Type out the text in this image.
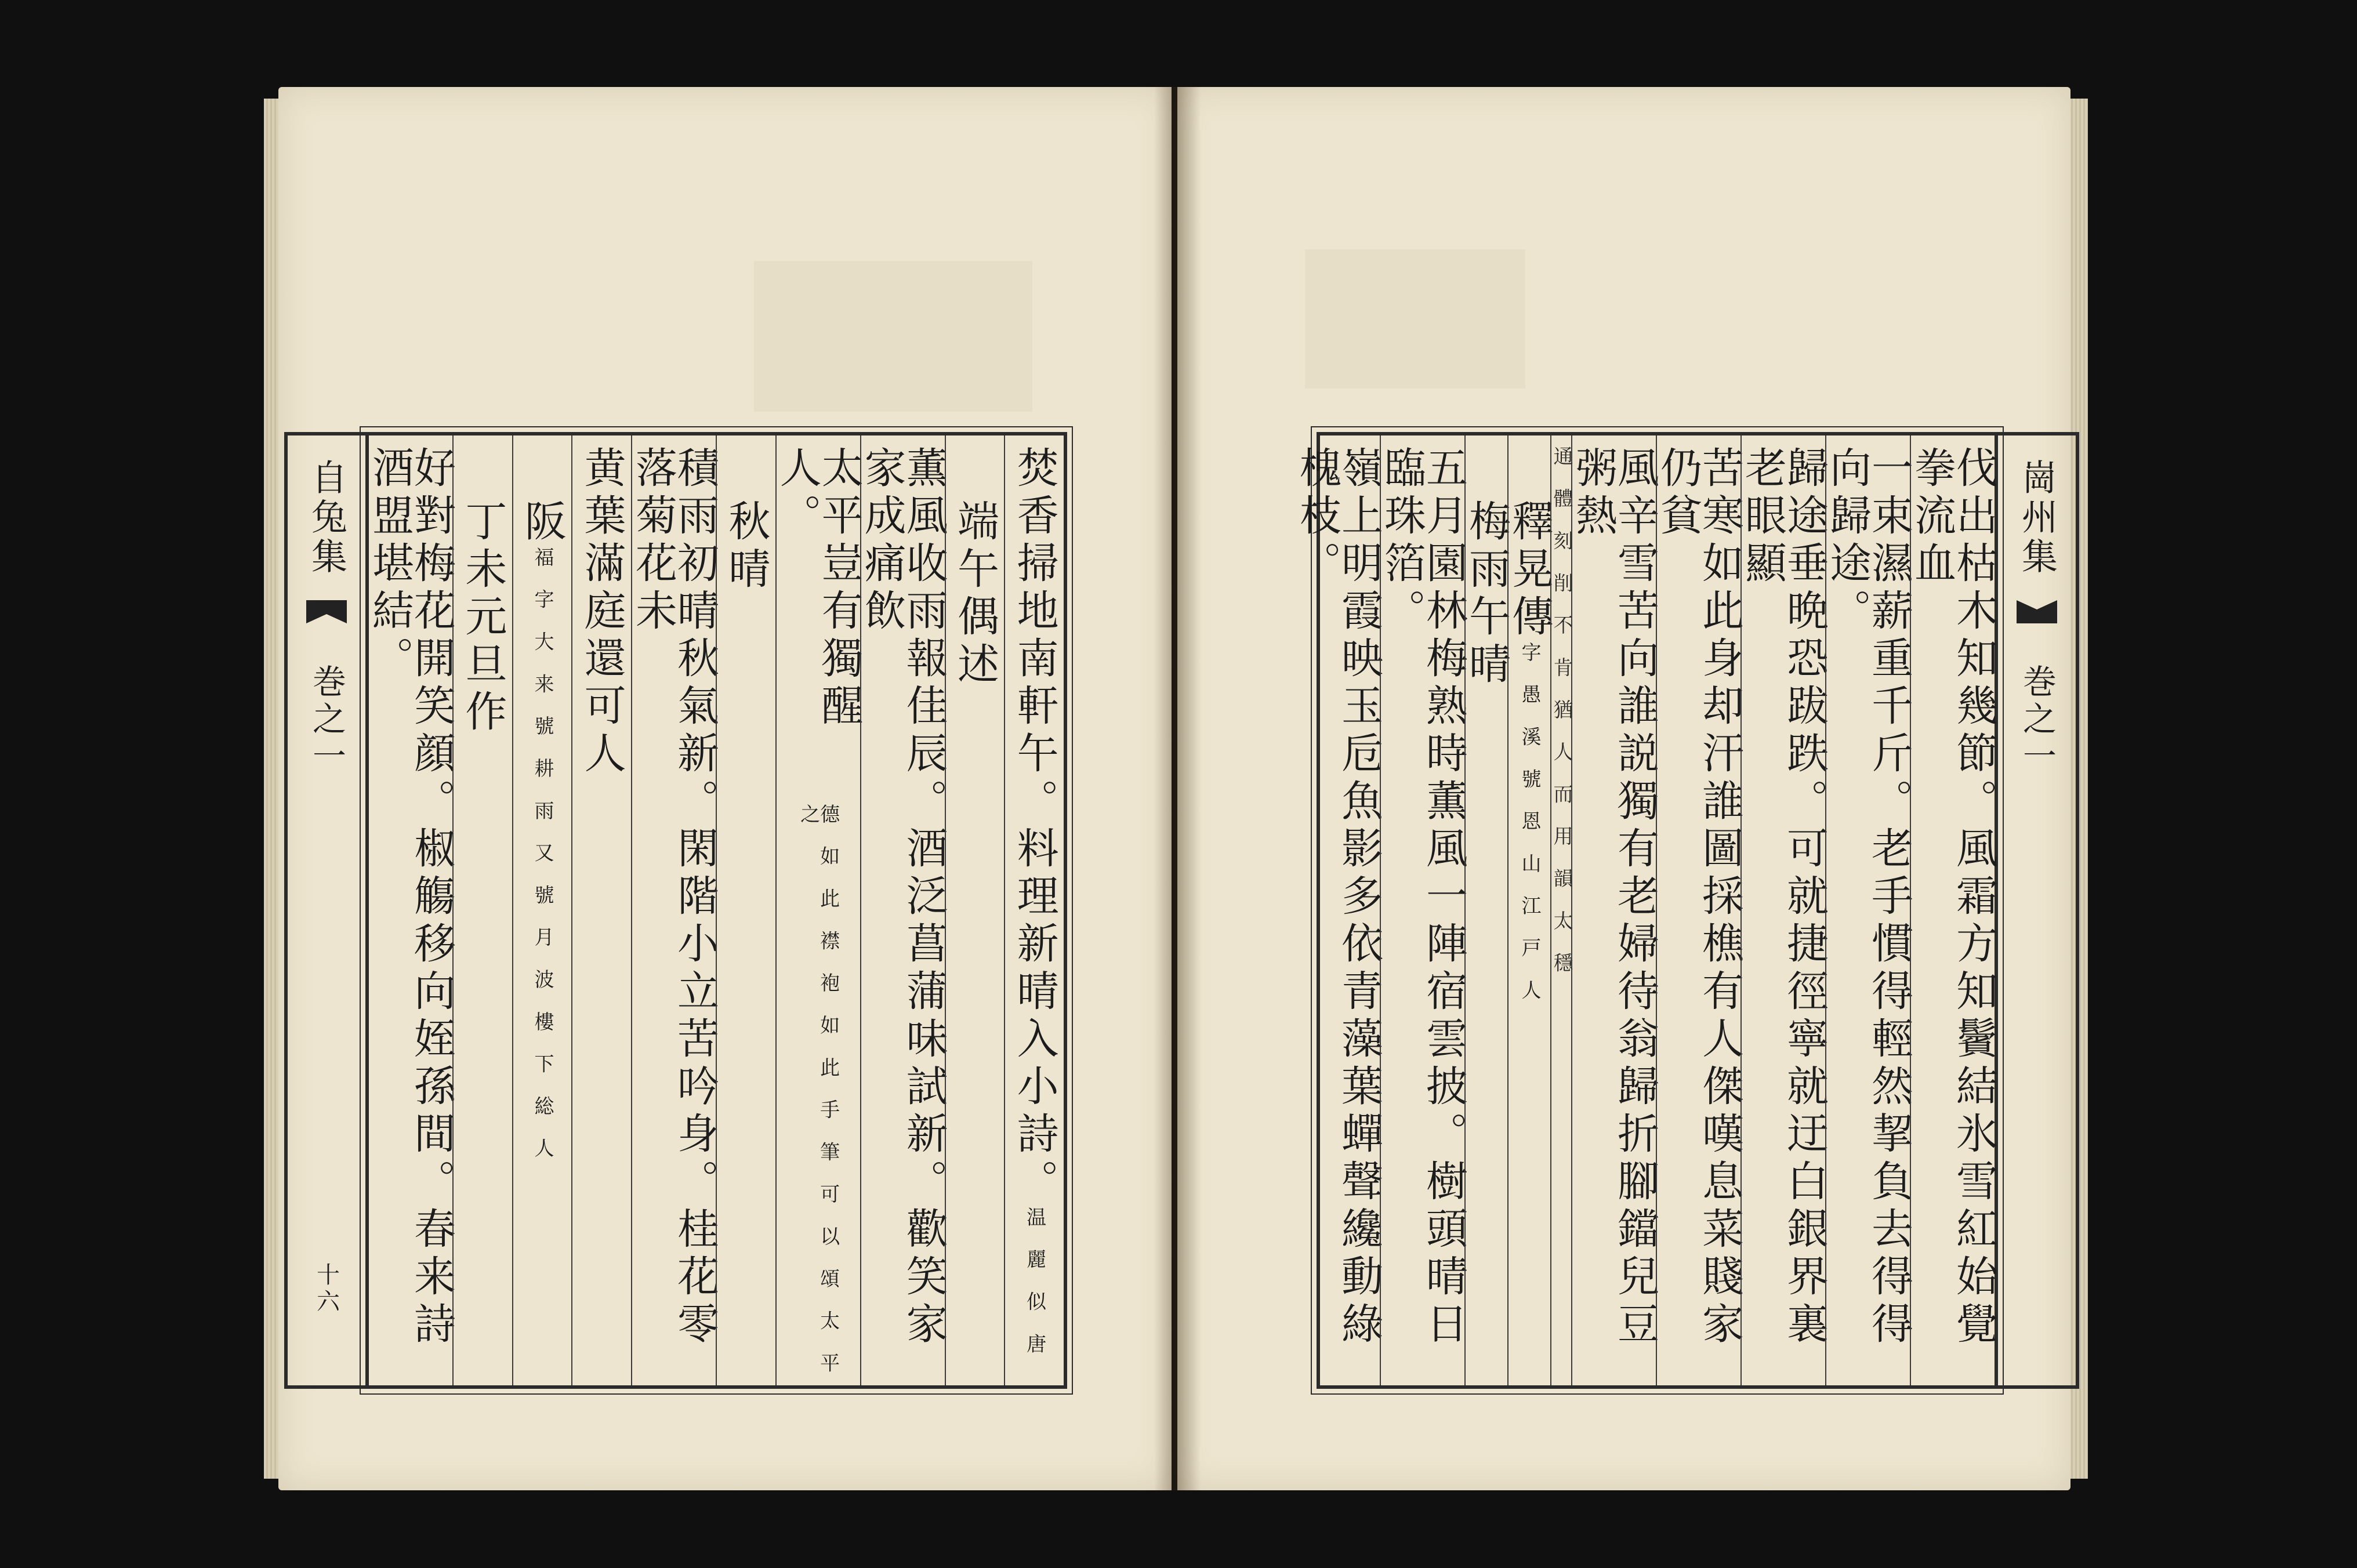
自兔集
巻之一
十六
焚香掃地南軒午。料理新晴入小詩。
温 麗 似 唐
端午偶述
薫風收雨報佳辰。酒泛菖蒲味試新。歡笑家家成痛飲
太平豈有獨醒人。
德 如 此 襟 袍 如 此 手 筆 可 以 頌 太 平 之
秋晴
積雨初晴秋氣新。閑階小立苦吟身。桂花零落菊花未
黄葉滿庭還可人
阪
福 字 大 来 號 耕 雨 又 號 月 波 樓 下 総 人
丁未元旦作
好對梅花開笑顔。椒觴移向姪孫間。春来詩酒盟堪結。	伐出枯木知幾節。風霜方知鬢結氷雪紅始覺拳流血
一束濕薪重千斤。老手慣得輕然挈負去得得向歸途。
歸途垂晩恐跋跌。可就捷徑寧就迂白銀界裏老眼顯
苦寒如此身却汗誰圖採樵有人傑嘆息菜賤家仍貧
風辛雪苦向誰説獨有老婦待翁歸折腳鐺兒豆粥熱
通 體 刻 削 不 肯 猶 人 而 用 韻 太 穩
釋晃傳
字 愚 溪 號 恩 山 江 戸 人
梅雨午晴
五月園林梅熟時薫風一陣宿雲披。樹頭晴日臨珠箔。
嶺上明霞映玉卮魚影多依青藻葉蟬聲纔動綠槐枝。	崗州集
巻之一
